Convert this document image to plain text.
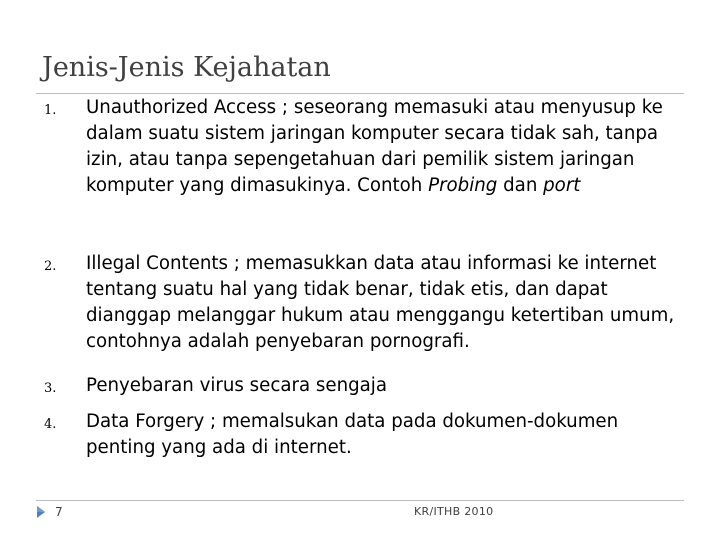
Jenis-Jenis Kejahatan
1. Unauthorized Access ; seseorang memasuki atau menyusup ke dalam suatu sistem jaringan komputer secara tidak sah, tanpa izin, atau tanpa sepengetahuan dari pemilik sistem jaringan komputer yang dimasukinya. Contoh Probing dan port
2. Illegal Contents ; memasukkan data atau informasi ke internet tentang suatu hal yang tidak benar, tidak etis, dan dapat dianggap melanggar hukum atau menggangu ketertiban umum, contohnya adalah penyebaran pornografi.
3. Penyebaran virus secara sengaja
4. Data Forgery ; memalsukan data pada dokumen-dokumen penting yang ada di internet.
7	KR/ITHB 2010
